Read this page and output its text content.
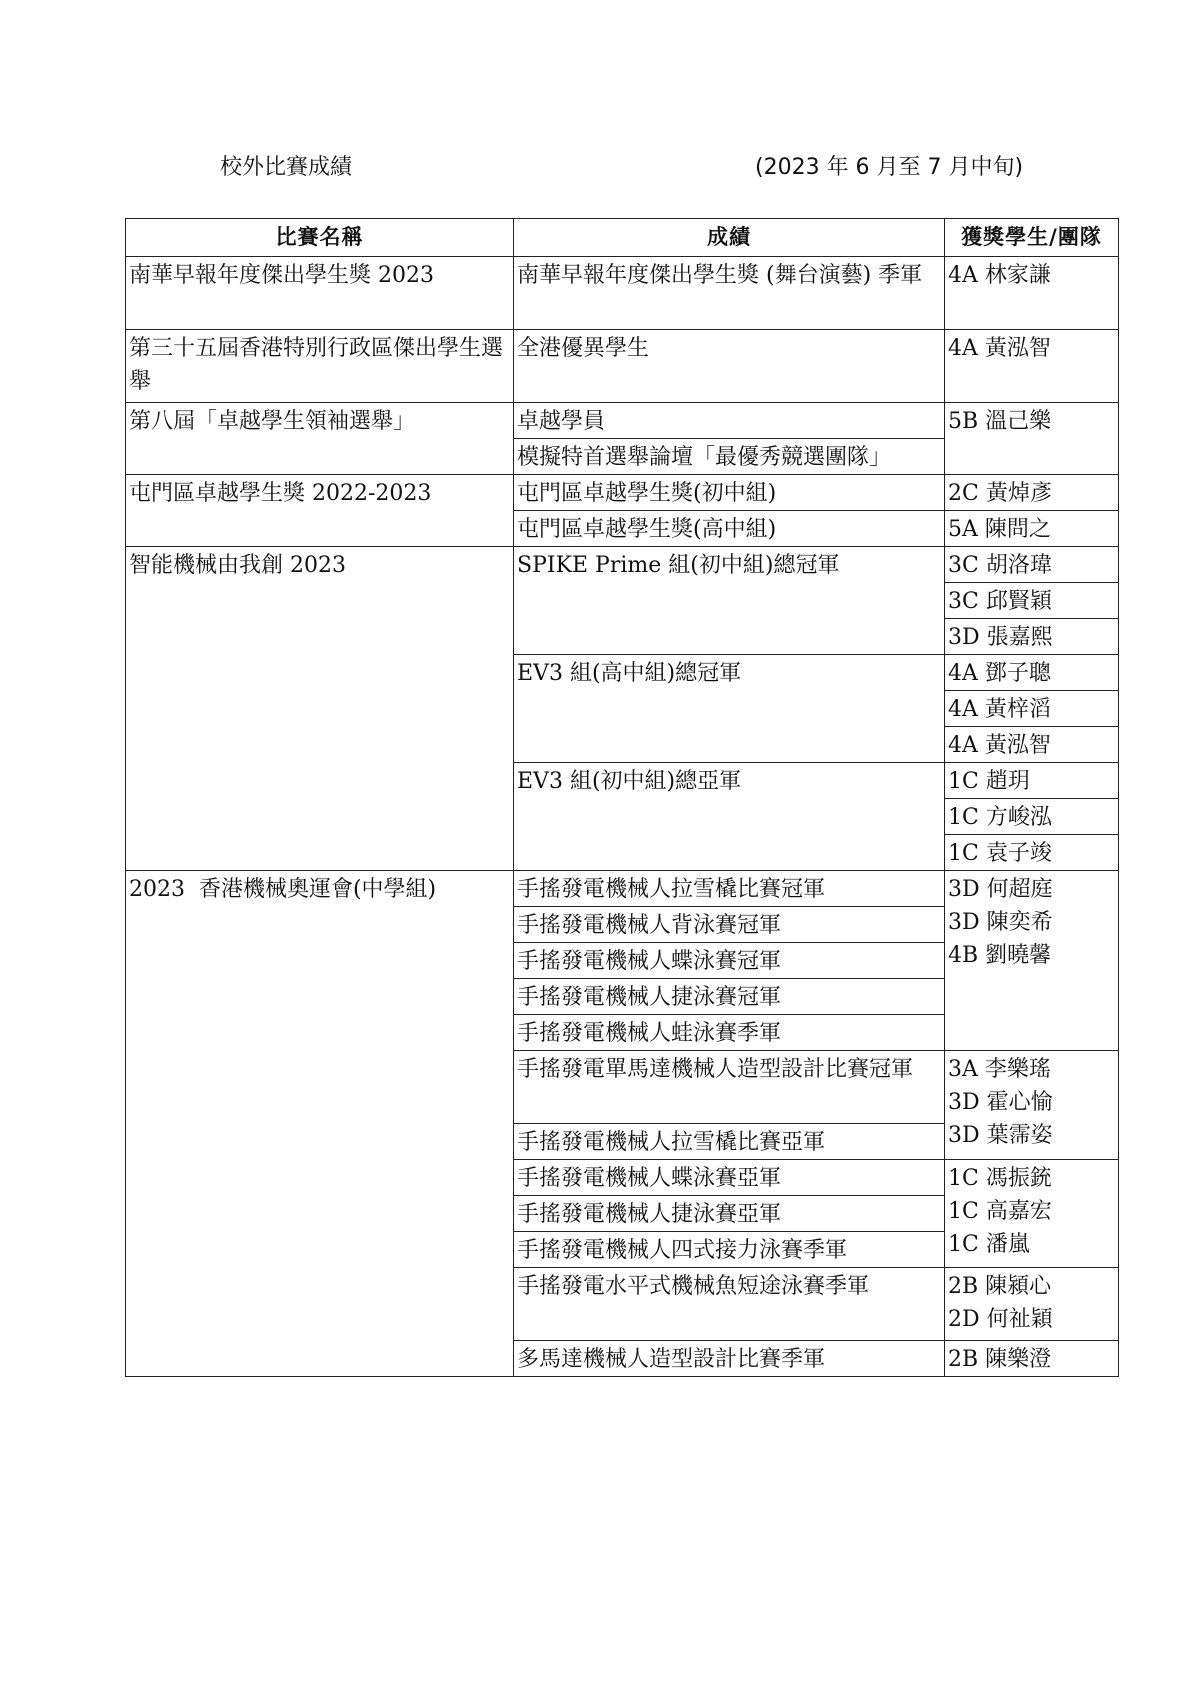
校外比賽成績	(2023 年 6 月至 7 月中旬)
比賽名稱	成績	獲獎學生/團隊
南華早報年度傑出學生獎 2023	南華早報年度傑出學生獎 (舞台演藝) 季軍	4A 林家謙
第三十五屆香港特別行政區傑出學生選舉	全港優異學生	4A 黃泓智
第八屆「卓越學生領袖選舉」	卓越學員	5B 溫己樂

	模擬特首選舉論壇「最優秀競選團隊」	

屯門區卓越學生獎 2022-2023	屯門區卓越學生獎(初中組)	2C 黃焯彥
	屯門區卓越學生獎(高中組)	5A 陳問之
智能機械由我創 2023	SPIKE Prime 組(初中組)總冠軍	3C 胡洛瑋
		3C 邱賢穎
		3D 張嘉熙
	EV3 組(高中組)總冠軍	4A 鄧子聰
		4A 黃梓滔
		4A 黃泓智
	EV3 組(初中組)總亞軍	1C 趙玥
		1C 方峻泓
		1C 袁子竣
2023  香港機械奧運會(中學組)	手搖發電機械人拉雪橇比賽冠軍	3D 何超庭
3D 陳奕希
4B 劉曉馨

	手搖發電機械人背泳賽冠軍	
	手搖發電機械人蝶泳賽冠軍	
	手搖發電機械人捷泳賽冠軍	
	手搖發電機械人蛙泳賽季軍	
	手搖發電單馬達機械人造型設計比賽冠軍	3A 李樂瑤
3D 霍心愉
3D 葉霈姿

	手搖發電機械人拉雪橇比賽亞軍	
	手搖發電機械人蝶泳賽亞軍	1C 馮振銃
1C 高嘉宏
1C 潘嵐

	手搖發電機械人捷泳賽亞軍	
	手搖發電機械人四式接力泳賽季軍	
	手搖發電水平式機械魚短途泳賽季軍	2B 陳潁心
2D 何祉穎

	多馬達機械人造型設計比賽季軍	2B 陳樂澄
